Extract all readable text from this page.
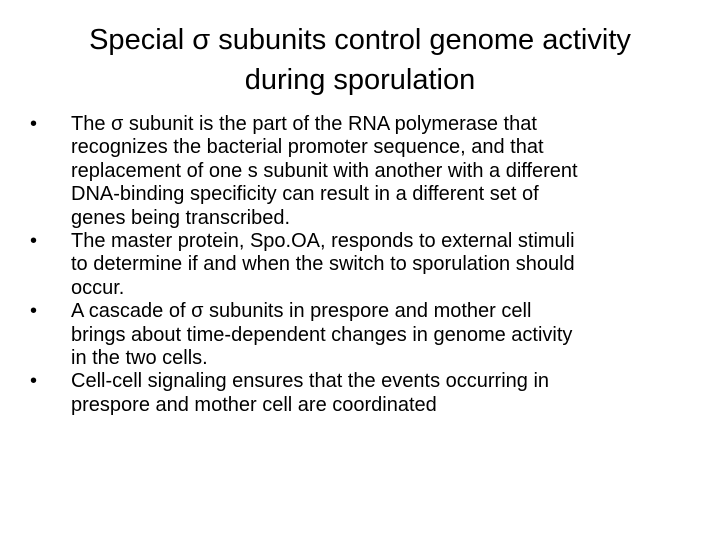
Special σ subunits control genome activity
during sporulation
•	The σ subunit is the part of the RNA polymerase that
recognizes the bacterial promoter sequence, and that
replacement of one s subunit with another with a different
DNA-binding specificity can result in a different set of
genes being transcribed.
•	The master protein, Spo.OA, responds to external stimuli
to determine if and when the switch to sporulation should
occur.
•	A cascade of σ subunits in prespore and mother cell
brings about time-dependent changes in genome activity
in the two cells.
•	Cell-cell signaling ensures that the events occurring in
prespore and mother cell are coordinated
